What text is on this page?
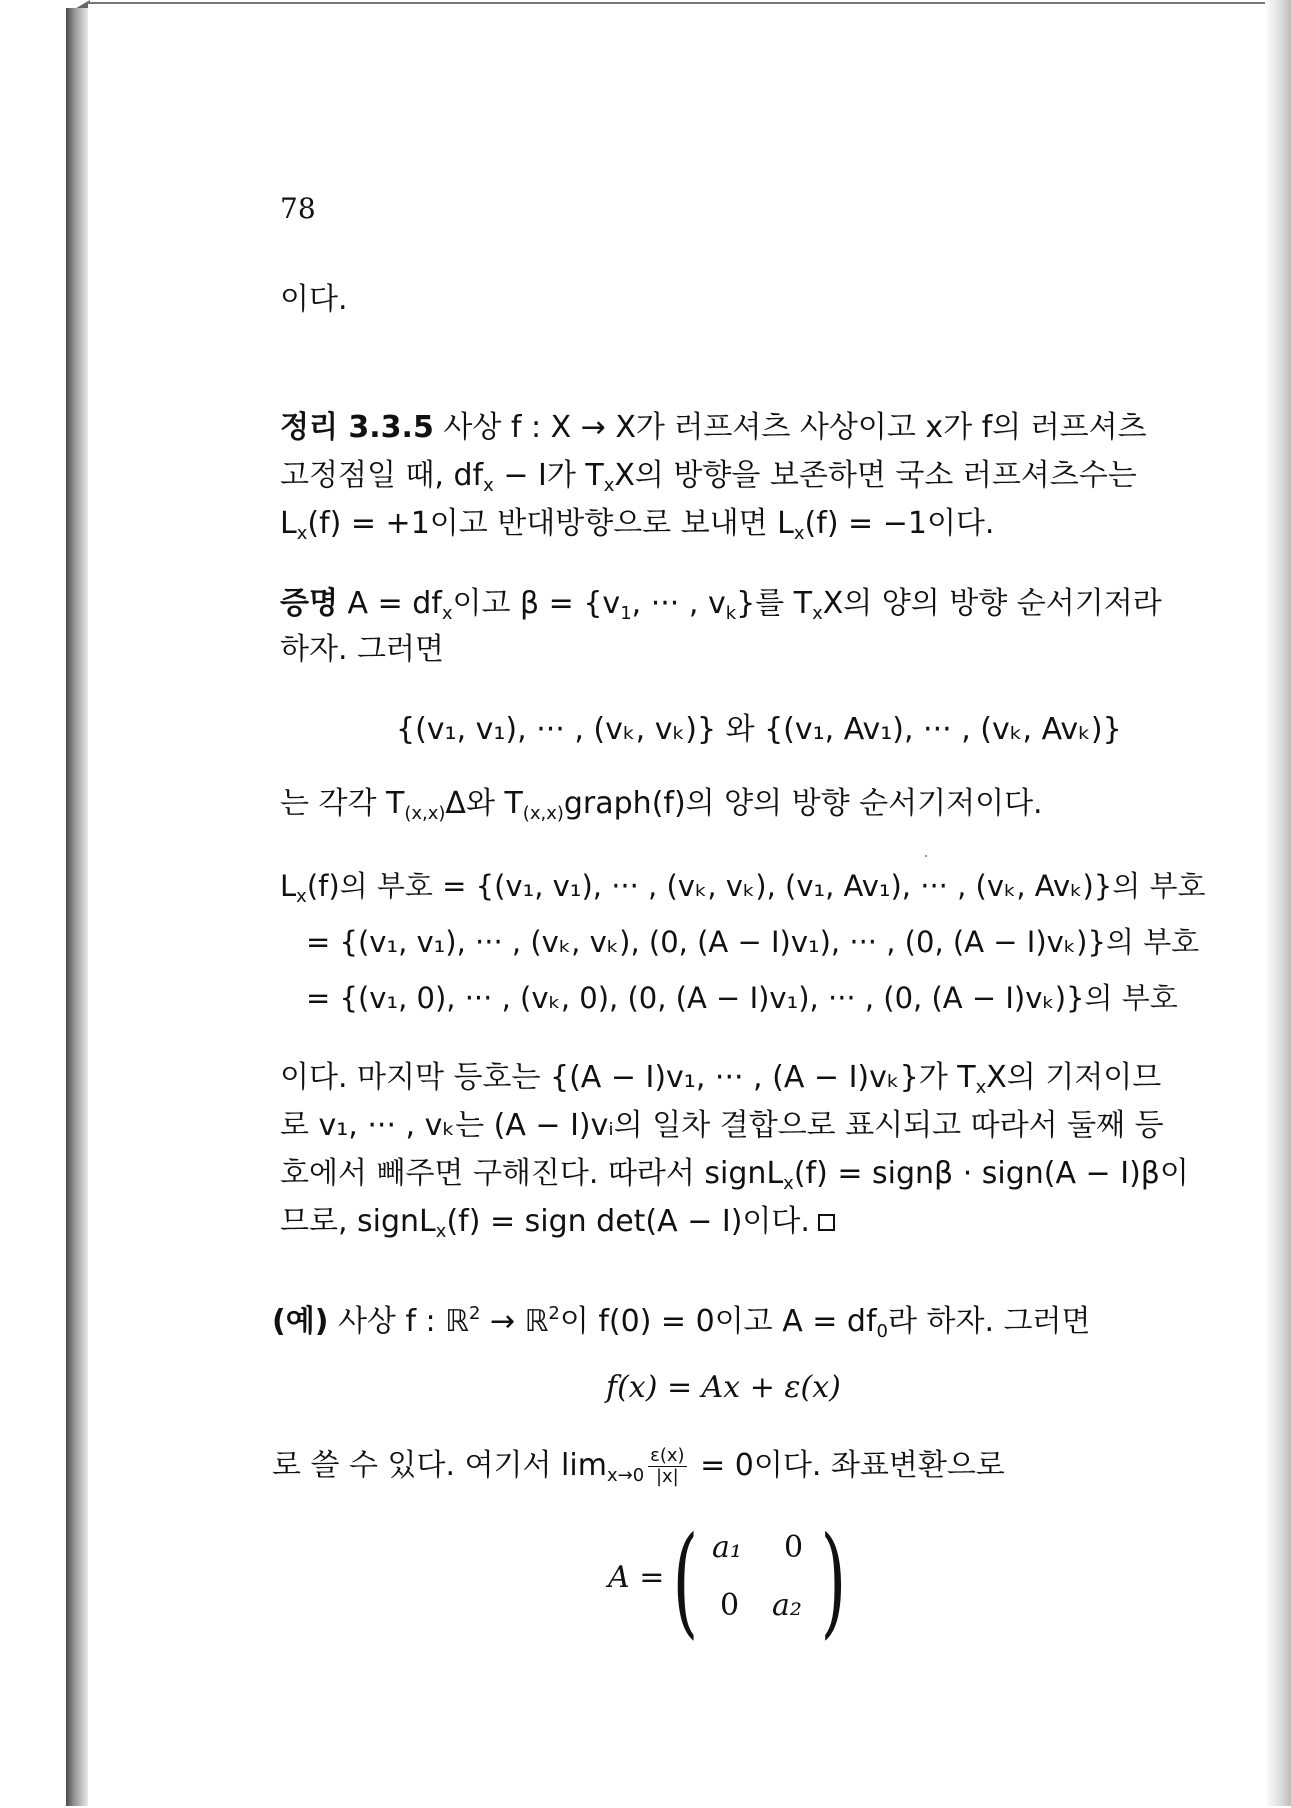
78
이다.
정리 3.3.5 사상 f : X → X가 러프셔츠 사상이고 x가 f의 러프셔츠
고정점일 때, $df_x - I$가 $T_xX$의 방향을 보존하면 국소 러프셔츠수는
$L_x(f) = +1$이고 반대방향으로 보내면 $L_x(f) = -1$이다.
증명 $A = df_x$이고 $\beta = \{v_1$, ··· , $v_k$}를 $T_xX$의 양의 방향 순서기저라
하자. 그러면
{(v₁, v₁), ··· , (vₖ, vₖ)} 와 {(v₁, Av₁), ··· , (vₖ, Avₖ)}
는 각각 $T_{(x,x)}\Delta$와 $T_{(x,x)}graph(f)$의 양의 방향 순서기저이다.
$L_x(f)$의 부호 = {(v₁, v₁), ··· , (vₖ, vₖ), (v₁, Av₁), ··· , (vₖ, Avₖ)}의 부호
= {(v₁, v₁), ··· , (vₖ, vₖ), (0, (A − I)v₁), ··· , (0, (A − I)vₖ)}의 부호
= {(v₁, 0), ··· , (vₖ, 0), (0, (A − I)v₁), ··· , (0, (A − I)vₖ)}의 부호
이다. 마지막 등호는 {(A − I)v₁, ··· , (A − I)vₖ}가 $T_xX$의 기저이므
로 v₁, ··· , vₖ는 (A − I)vᵢ의 일차 결합으로 표시되고 따라서 둘째 등
호에서 빼주면 구해진다. 따라서 signL$_x$(f) = signβ · sign(A − I)β이
므로, signL$_x$(f) = sign det(A − I)이다.
(예) 사상 f : ℝ$^2$ → ℝ$^2$이 f(0) = 0이고 $A = df_0$라 하자. 그러면
f(x) = Ax + ε(x)
로 쓸 수 있다. 여기서 $\lim_{x\to 0} \frac{\varepsilon(x)}{|x|} = 0$이다. 좌표변환으로
A = ( a₁ 0
0 a₂ )
